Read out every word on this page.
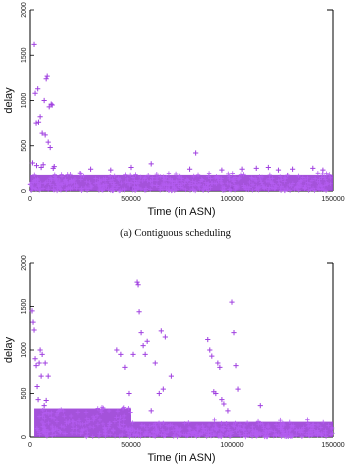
0
500
1000
1500
2000
0	50000	100000	150000
Time (in ASN)
delay
(a) Contiguous scheduling
0
500
1000
1500
2000
0	50000	100000	150000
Time (in ASN)
delay
